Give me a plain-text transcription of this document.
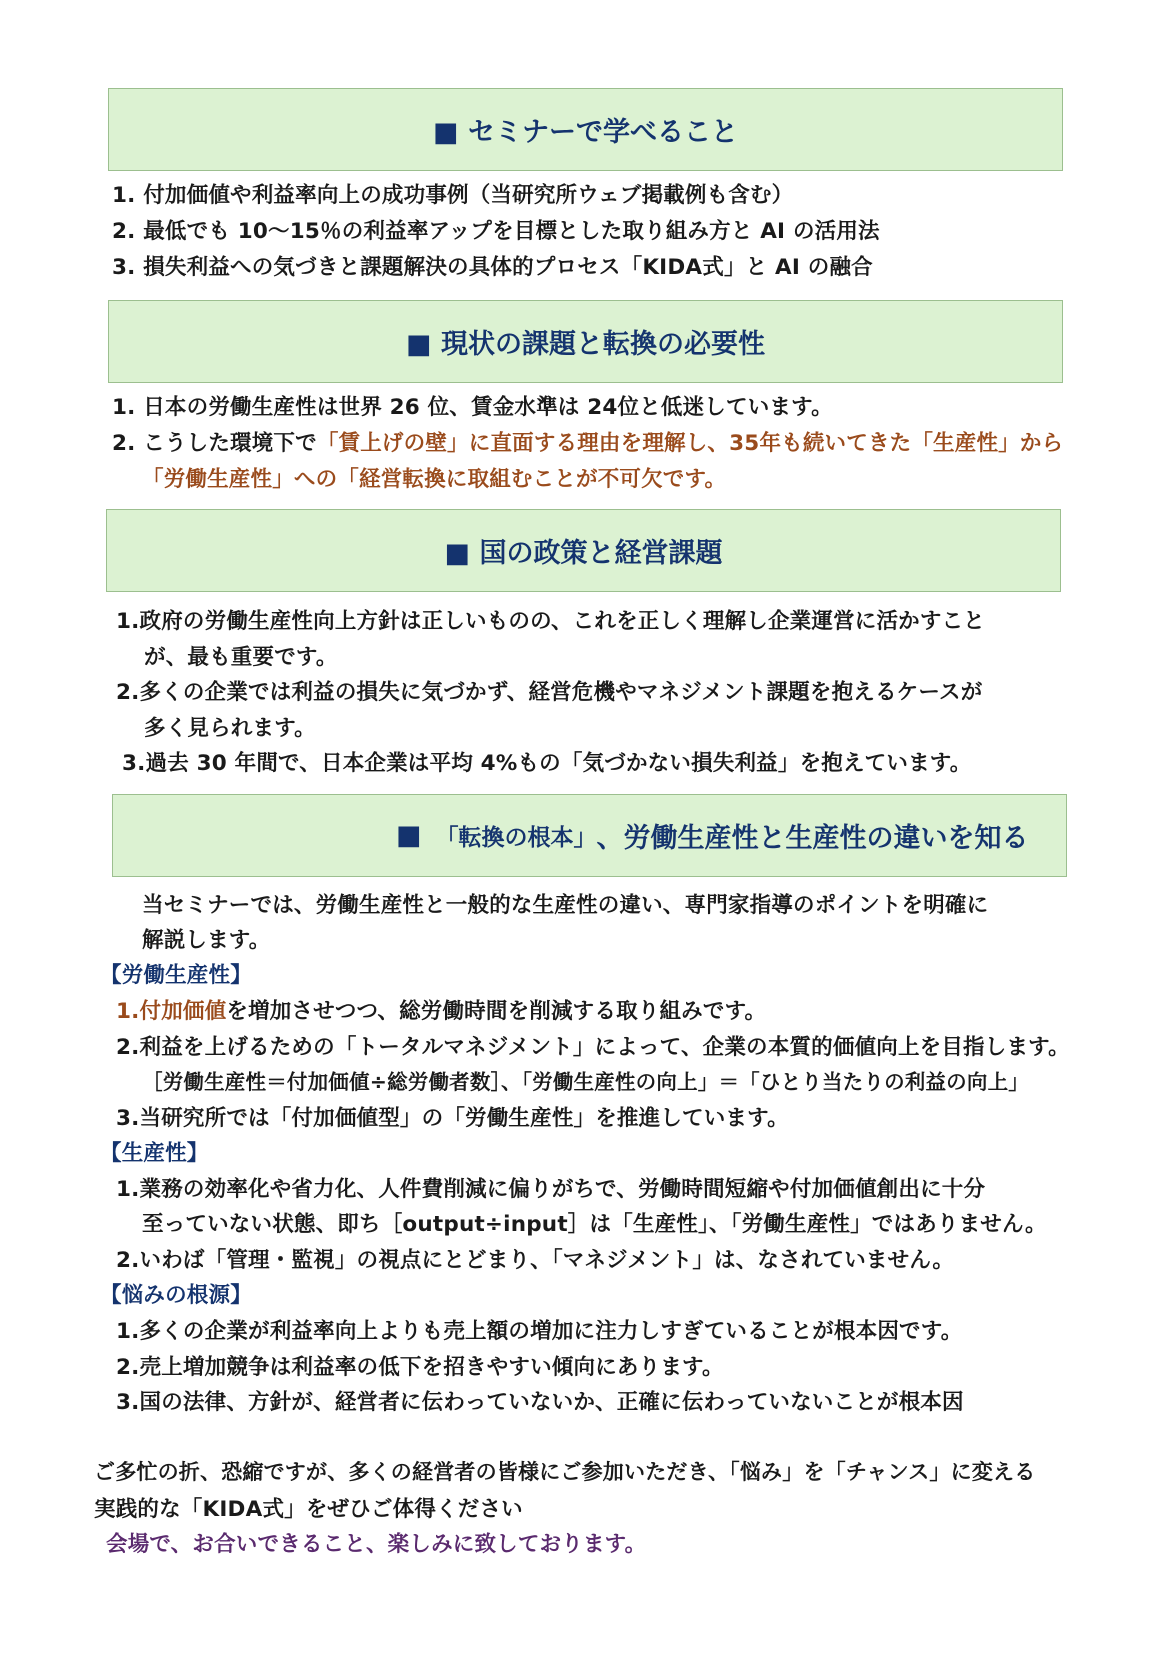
■ セミナーで学べること
1. 付加価値や利益率向上の成功事例（当研究所ウェブ掲載例も含む）
2. 最低でも 10～15％の利益率アップを目標とした取り組み方と AI の活用法
3. 損失利益への気づきと課題解決の具体的プロセス「KIDA式」と AI の融合
■ 現状の課題と転換の必要性
1. 日本の労働生産性は世界 26 位、賃金水準は 24位と低迷しています。
2. こうした環境下で「賃上げの壁」に直面する理由を理解し、35年も続いてきた「生産性」から
「労働生産性」への「経営転換に取組むことが不可欠です。
■ 国の政策と経営課題
1.政府の労働生産性向上方針は正しいものの、これを正しく理解し企業運営に活かすこと
が、最も重要です。
2.多くの企業では利益の損失に気づかず、経営危機やマネジメント課題を抱えるケースが
多く見られます。
3.過去 30 年間で、日本企業は平均 4%もの「気づかない損失利益」を抱えています。
■ 「転換の根本」 、労働生産性と生産性の違いを知る
当セミナーでは、労働生産性と一般的な生産性の違い、専門家指導のポイントを明確に
解説します。
【労働生産性】
1.付加価値を増加させつつ、総労働時間を削減する取り組みです。
2.利益を上げるための「トータルマネジメント」によって、企業の本質的価値向上を目指します。
［労働生産性＝付加価値÷総労働者数］、「労働生産性の向上」＝「ひとり当たりの利益の向上」
3.当研究所では「付加価値型」の「労働生産性」を推進しています。
【生産性】
1.業務の効率化や省力化、人件費削減に偏りがちで、労働時間短縮や付加価値創出に十分
至っていない状態、即ち［output÷input］は「生産性」、「労働生産性」ではありません。
2.いわば「管理・監視」の視点にとどまり、「マネジメント」は、なされていません。
【悩みの根源】
1.多くの企業が利益率向上よりも売上額の増加に注力しすぎていることが根本因です。
2.売上増加競争は利益率の低下を招きやすい傾向にあります。
3.国の法律、方針が、経営者に伝わっていないか、正確に伝わっていないことが根本因
ご多忙の折、恐縮ですが、多くの経営者の皆様にご参加いただき、「悩み」を「チャンス」に変える
実践的な「KIDA式」をぜひご体得ください
会場で、お合いできること、楽しみに致しております。
